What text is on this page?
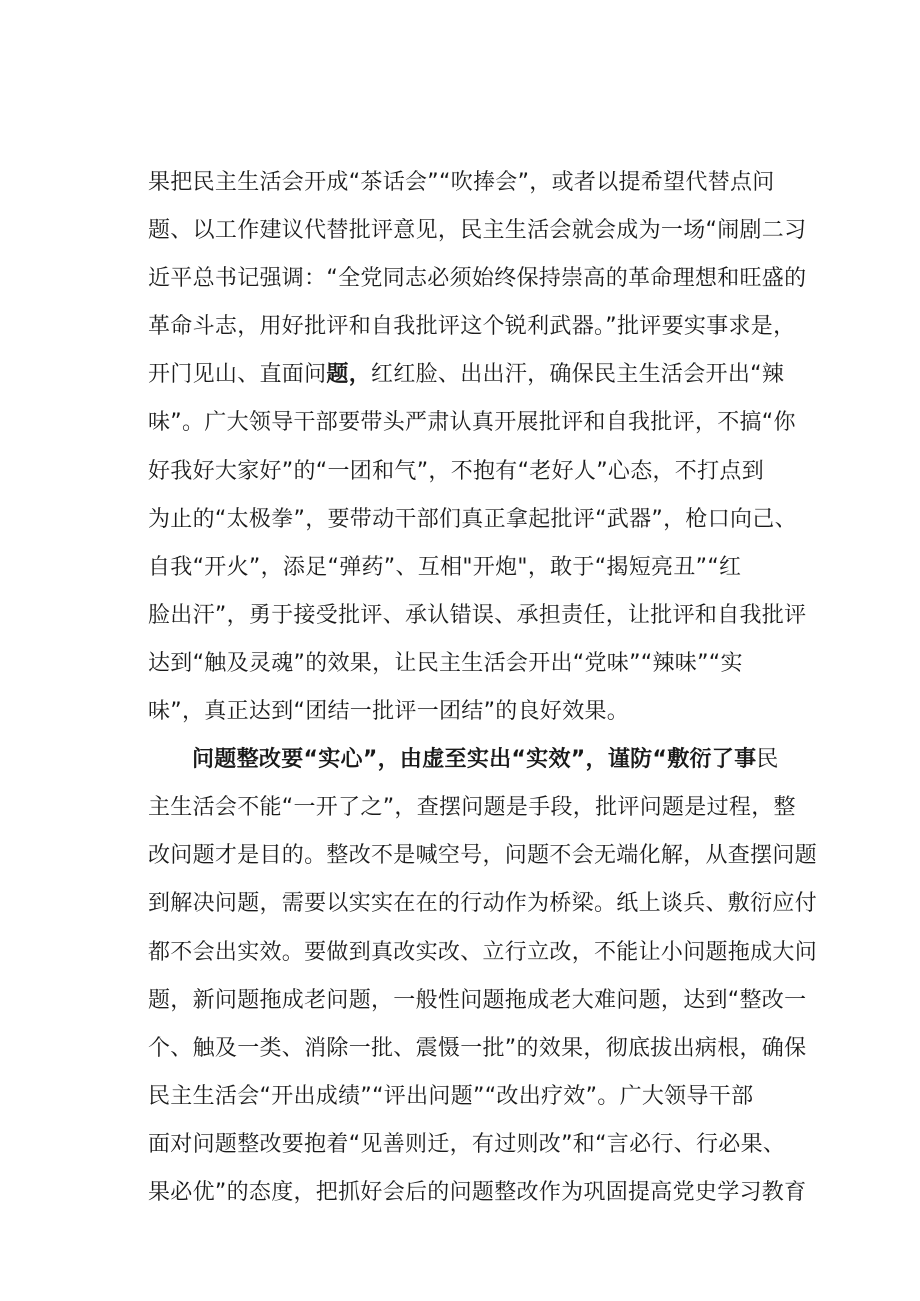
果把民主生活会开成“茶话会”“吹捧会”，或者以提希望代替点问
题、以工作建议代替批评意见，民主生活会就会成为一场“闹剧二习
近平总书记强调：“全党同志必须始终保持崇高的革命理想和旺盛的
革命斗志，用好批评和自我批评这个锐利武器。”批评要实事求是，
开门见山、直面问题，红红脸、出出汗，确保民主生活会开出“辣
味”。广大领导干部要带头严肃认真开展批评和自我批评，不搞“你
好我好大家好”的“一团和气”，不抱有“老好人”心态，不打点到
为止的“太极拳”，要带动干部们真正拿起批评“武器”，枪口向己、
自我“开火”，添足“弹药”、互相"开炮"，敢于“揭短亮丑”“红
脸出汗”，勇于接受批评、承认错误、承担责任，让批评和自我批评
达到“触及灵魂”的效果，让民主生活会开出“党味”“辣味”“实
味”，真正达到“团结一批评一团结”的良好效果。
问题整改要“实心”，由虚至实出“实效”，谨防“敷衍了事民
主生活会不能“一开了之”，查摆问题是手段，批评问题是过程，整
改问题才是目的。整改不是喊空号，问题不会无端化解，从查摆问题
到解决问题，需要以实实在在的行动作为桥梁。纸上谈兵、敷衍应付
都不会出实效。要做到真改实改、立行立改，不能让小问题拖成大问
题，新问题拖成老问题，一般性问题拖成老大难问题，达到“整改一
个、触及一类、消除一批、震慑一批”的效果，彻底拔出病根，确保
民主生活会“开出成绩”“评出问题”“改出疗效”。广大领导干部
面对问题整改要抱着“见善则迁，有过则改”和“言必行、行必果、
果必优”的态度，把抓好会后的问题整改作为巩固提高党史学习教育
